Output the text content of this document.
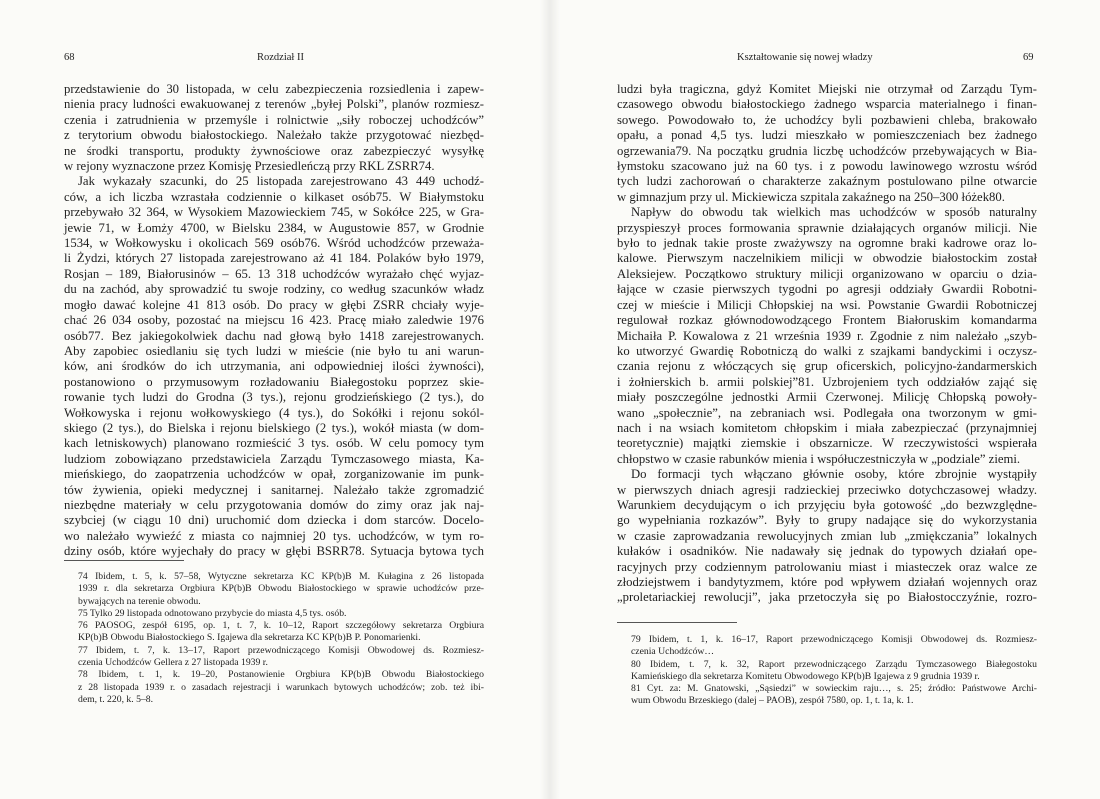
68	Rozdział II
przedstawienie do 30 listopada, w celu zabezpieczenia rozsiedlenia i zapew-
nienia pracy ludności ewakuowanej z terenów „byłej Polski”, planów rozmiesz-
czenia i zatrudnienia w przemyśle i rolnictwie „siły roboczej uchodźców”
z terytorium obwodu białostockiego. Należało także przygotować niezbęd-
ne środki transportu, produkty żywnościowe oraz zabezpieczyć wysyłkę
w rejony wyznaczone przez Komisję Przesiedleńczą przy RKL ZSRR74.
Jak wykazały szacunki, do 25 listopada zarejestrowano 43 449 uchodź-
ców, a ich liczba wzrastała codziennie o kilkaset osób75. W Białymstoku
przebywało 32 364, w Wysokiem Mazowieckiem 745, w Sokółce 225, w Gra-
jewie 71, w Łomży 4700, w Bielsku 2384, w Augustowie 857, w Grodnie
1534, w Wołkowysku i okolicach 569 osób76. Wśród uchodźców przeważa-
li Żydzi, których 27 listopada zarejestrowano aż 41 184. Polaków było 1979,
Rosjan – 189, Białorusinów – 65. 13 318 uchodźców wyrażało chęć wyjaz-
du na zachód, aby sprowadzić tu swoje rodziny, co według szacunków władz
mogło dawać kolejne 41 813 osób. Do pracy w głębi ZSRR chciały wyje-
chać 26 034 osoby, pozostać na miejscu 16 423. Pracę miało zaledwie 1976
osób77. Bez jakiegokolwiek dachu nad głową było 1418 zarejestrowanych.
Aby zapobiec osiedlaniu się tych ludzi w mieście (nie było tu ani warun-
ków, ani środków do ich utrzymania, ani odpowiedniej ilości żywności),
postanowiono o przymusowym rozładowaniu Białegostoku poprzez skie-
rowanie tych ludzi do Grodna (3 tys.), rejonu grodzieńskiego (2 tys.), do
Wołkowyska i rejonu wołkowyskiego (4 tys.), do Sokółki i rejonu sokól-
skiego (2 tys.), do Bielska i rejonu bielskiego (2 tys.), wokół miasta (w dom-
kach letniskowych) planowano rozmieścić 3 tys. osób. W celu pomocy tym
ludziom zobowiązano przedstawiciela Zarządu Tymczasowego miasta, Ka-
mieńskiego, do zaopatrzenia uchodźców w opał, zorganizowanie im punk-
tów żywienia, opieki medycznej i sanitarnej. Należało także zgromadzić
niezbędne materiały w celu przygotowania domów do zimy oraz jak naj-
szybciej (w ciągu 10 dni) uruchomić dom dziecka i dom starców. Docelo-
wo należało wywieźć z miasta co najmniej 20 tys. uchodźców, w tym ro-
dziny osób, które wyjechały do pracy w głębi BSRR78. Sytuacja bytowa tych
74 Ibidem, t. 5, k. 57–58, Wytyczne sekretarza KC KP(b)B M. Kułagina z 26 listopada
1939 r. dla sekretarza Orgbiura KP(b)B Obwodu Białostockiego w sprawie uchodźców prze-
bywających na terenie obwodu.
75 Tylko 29 listopada odnotowano przybycie do miasta 4,5 tys. osób.
76 PAOSOG, zespół 6195, op. 1, t. 7, k. 10–12, Raport szczegółowy sekretarza Orgbiura
KP(b)B Obwodu Białostockiego S. Igajewa dla sekretarza KC KP(b)B P. Ponomarienki.
77 Ibidem, t. 7, k. 13–17, Raport przewodniczącego Komisji Obwodowej ds. Rozmiesz-
czenia Uchodźców Gellera z 27 listopada 1939 r.
78 Ibidem, t. 1, k. 19–20, Postanowienie Orgbiura KP(b)B Obwodu Białostockiego
z 28 listopada 1939 r. o zasadach rejestracji i warunkach bytowych uchodźców; zob. też ibi-
dem, t. 220, k. 5–8.
Kształtowanie się nowej władzy	69
ludzi była tragiczna, gdyż Komitet Miejski nie otrzymał od Zarządu Tym-
czasowego obwodu białostockiego żadnego wsparcia materialnego i finan-
sowego. Powodowało to, że uchodźcy byli pozbawieni chleba, brakowało
opału, a ponad 4,5 tys. ludzi mieszkało w pomieszczeniach bez żadnego
ogrzewania79. Na początku grudnia liczbę uchodźców przebywających w Bia-
łymstoku szacowano już na 60 tys. i z powodu lawinowego wzrostu wśród
tych ludzi zachorowań o charakterze zakaźnym postulowano pilne otwarcie
w gimnazjum przy ul. Mickiewicza szpitala zakaźnego na 250–300 łóżek80.
Napływ do obwodu tak wielkich mas uchodźców w sposób naturalny
przyspieszył proces formowania sprawnie działających organów milicji. Nie
było to jednak takie proste zważywszy na ogromne braki kadrowe oraz lo-
kalowe. Pierwszym naczelnikiem milicji w obwodzie białostockim został
Aleksiejew. Początkowo struktury milicji organizowano w oparciu o dzia-
łające w czasie pierwszych tygodni po agresji oddziały Gwardii Robotni-
czej w mieście i Milicji Chłopskiej na wsi. Powstanie Gwardii Robotniczej
regulował rozkaz głównodowodzącego Frontem Białoruskim komandarma
Michaiła P. Kowalowa z 21 września 1939 r. Zgodnie z nim należało „szyb-
ko utworzyć Gwardię Robotniczą do walki z szajkami bandyckimi i oczysz-
czania rejonu z włóczących się grup oficerskich, policyjno-żandarmerskich
i żołnierskich b. armii polskiej”81. Uzbrojeniem tych oddziałów zająć się
miały poszczególne jednostki Armii Czerwonej. Milicję Chłopską powoły-
wano „społecznie”, na zebraniach wsi. Podlegała ona tworzonym w gmi-
nach i na wsiach komitetom chłopskim i miała zabezpieczać (przynajmniej
teoretycznie) majątki ziemskie i obszarnicze. W rzeczywistości wspierała
chłopstwo w czasie rabunków mienia i współuczestniczyła w „podziale” ziemi.
Do formacji tych włączano głównie osoby, które zbrojnie wystąpiły
w pierwszych dniach agresji radzieckiej przeciwko dotychczasowej władzy.
Warunkiem decydującym o ich przyjęciu była gotowość „do bezwzględne-
go wypełniania rozkazów”. Były to grupy nadające się do wykorzystania
w czasie zaprowadzania rewolucyjnych zmian lub „zmiękczania” lokalnych
kułaków i osadników. Nie nadawały się jednak do typowych działań ope-
racyjnych przy codziennym patrolowaniu miast i miasteczek oraz walce ze
złodziejstwem i bandytyzmem, które pod wpływem działań wojennych oraz
„proletariackiej rewolucji”, jaka przetoczyła się po Białostocczyźnie, rozro-
79 Ibidem, t. 1, k. 16–17, Raport przewodniczącego Komisji Obwodowej ds. Rozmiesz-
czenia Uchodźców…
80 Ibidem, t. 7, k. 32, Raport przewodniczącego Zarządu Tymczasowego Białegostoku
Kamieńskiego dla sekretarza Komitetu Obwodowego KP(b)B Igajewa z 9 grudnia 1939 r.
81 Cyt. za: M. Gnatowski, „Sąsiedzi” w sowieckim raju…, s. 25; źródło: Państwowe Archi-
wum Obwodu Brzeskiego (dalej – PAOB), zespół 7580, op. 1, t. 1a, k. 1.
